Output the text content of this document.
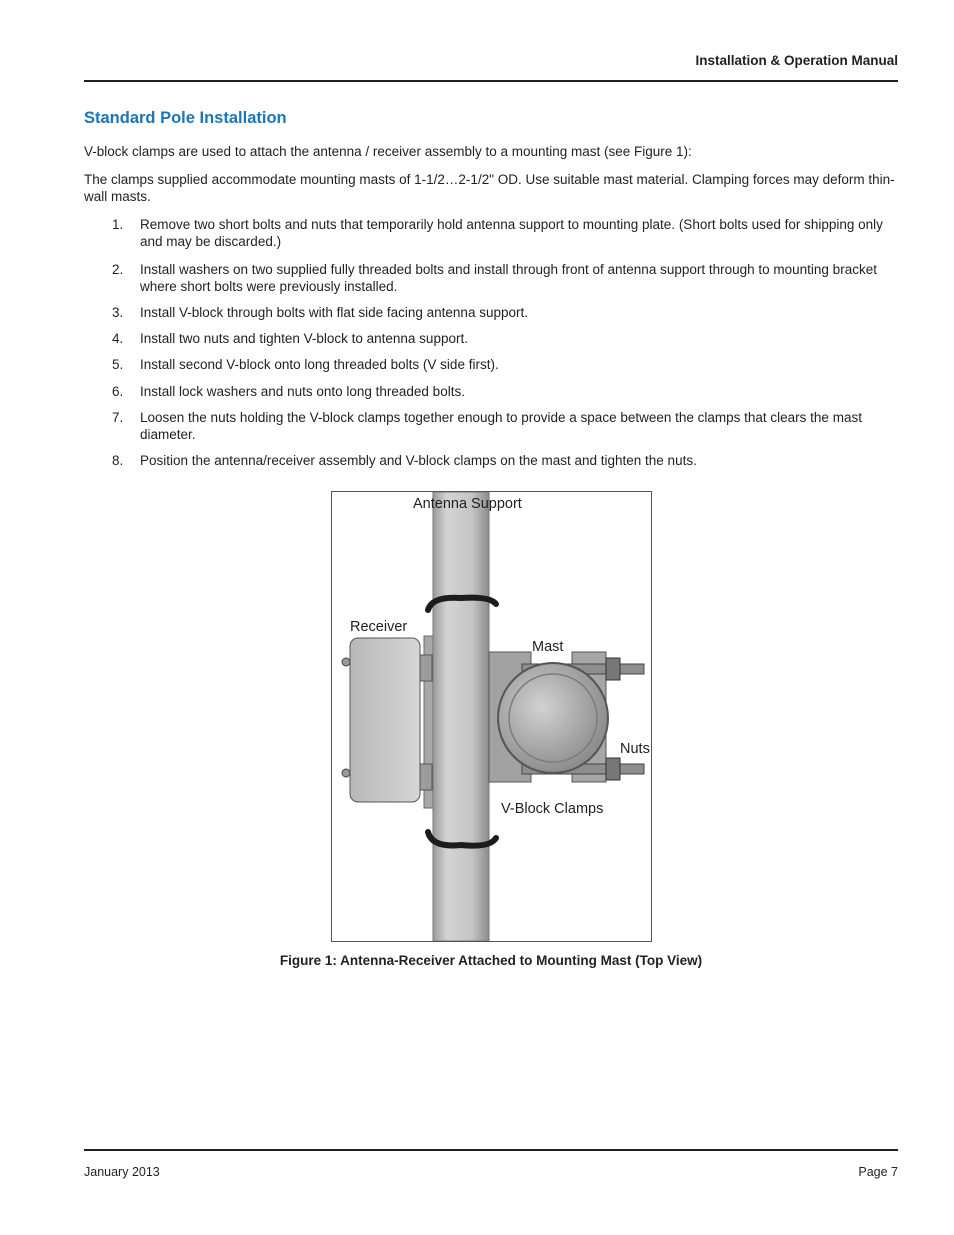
Installation & Operation Manual
Standard Pole Installation
V-block clamps are used to attach the antenna / receiver assembly to a mounting mast (see Figure 1):
The clamps supplied accommodate mounting masts of 1-1/2…2-1/2" OD. Use suitable mast material. Clamping forces may deform thin-wall masts.
1. Remove two short bolts and nuts that temporarily hold antenna support to mounting plate. (Short bolts used for shipping only and may be discarded.)
2. Install washers on two supplied fully threaded bolts and install through front of antenna support through to mounting bracket where short bolts were previously installed.
3. Install V-block through bolts with flat side facing antenna support.
4. Install two nuts and tighten V-block to antenna support.
5. Install second V-block onto long threaded bolts (V side first).
6. Install lock washers and nuts onto long threaded bolts.
7. Loosen the nuts holding the V-block clamps together enough to provide a space between the clamps that clears the mast diameter.
8. Position the antenna/receiver assembly and V-block clamps on the mast and tighten the nuts.
Antenna Support
Receiver
Mast
Nuts
V-Block Clamps
Figure 1: Antenna-Receiver Attached to Mounting Mast (Top View)
January 2013	Page 7
